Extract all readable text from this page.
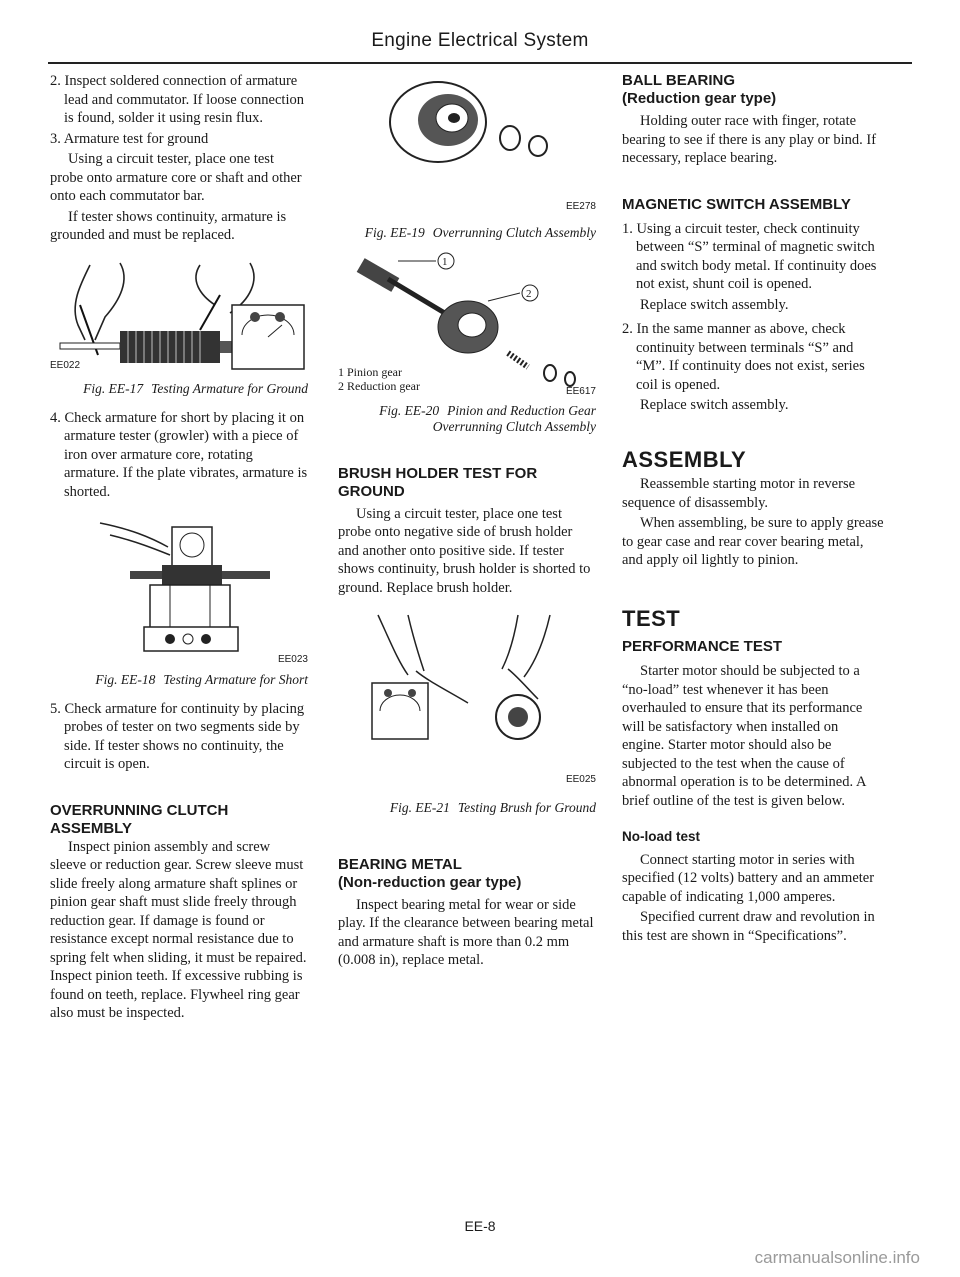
Engine Electrical System

2. Inspect soldered connection of armature lead and commutator. If loose connection is found, solder it using resin flux.

3. Armature test for ground

Using a circuit tester, place one test probe onto armature core or shaft and other onto each commutator bar.

If tester shows continuity, armature is grounded and must be replaced.

EE022
Fig. EE-17 Testing Armature for Ground

4. Check armature for short by placing it on armature tester (growler) with a piece of iron over armature core, rotating armature. If the plate vibrates, armature is shorted.

EE023
Fig. EE-18 Testing Armature for Short

5. Check armature for continuity by placing probes of tester on two segments side by side. If tester shows no continuity, the circuit is open.

OVERRUNNING CLUTCH ASSEMBLY

Inspect pinion assembly and screw sleeve or reduction gear. Screw sleeve must slide freely along armature shaft splines or pinion gear shaft must slide freely through reduction gear. If damage is found or resistance except normal resistance due to spring felt when sliding, it must be repaired. Inspect pinion teeth. If excessive rubbing is found on teeth, replace. Flywheel ring gear also must be inspected.

EE278
Fig. EE-19 Overrunning Clutch Assembly
1
2
1 Pinion gear
2 Reduction gear	EE617
Fig. EE-20 Pinion and Reduction Gear Overrunning Clutch Assembly

BRUSH HOLDER TEST FOR GROUND

Using a circuit tester, place one test probe onto negative side of brush holder and another onto positive side. If tester shows continuity, brush holder is shorted to ground. Replace brush holder.

EE025
Fig. EE-21 Testing Brush for Ground

BEARING METAL

(Non-reduction gear type)

Inspect bearing metal for wear or side play. If the clearance between bearing metal and armature shaft is more than 0.2 mm (0.008 in), replace metal.

BALL BEARING

(Reduction gear type)

Holding outer race with finger, rotate bearing to see if there is any play or bind. If necessary, replace bearing.

MAGNETIC SWITCH ASSEMBLY

1. Using a circuit tester, check continuity between “S” terminal of magnetic switch and switch body metal. If continuity does not exist, shunt coil is opened.

Replace switch assembly.

2. In the same manner as above, check continuity between terminals “S” and “M”. If continuity does not exist, series coil is opened.

Replace switch assembly.

ASSEMBLY

Reassemble starting motor in reverse sequence of disassembly.

When assembling, be sure to apply grease to gear case and rear cover bearing metal, and apply oil lightly to pinion.

TEST

PERFORMANCE TEST

Starter motor should be subjected to a “no-load” test whenever it has been overhauled to ensure that its performance will be satisfactory when installed on engine. Starter motor should also be subjected to the test when the cause of abnormal operation is to be determined. A brief outline of the test is given below.

No-load test

Connect starting motor in series with specified (12 volts) battery and an ammeter capable of indicating 1,000 amperes.

Specified current draw and revolution in this test are shown in “Specifications”.

EE-8
carmanualsonline.info
